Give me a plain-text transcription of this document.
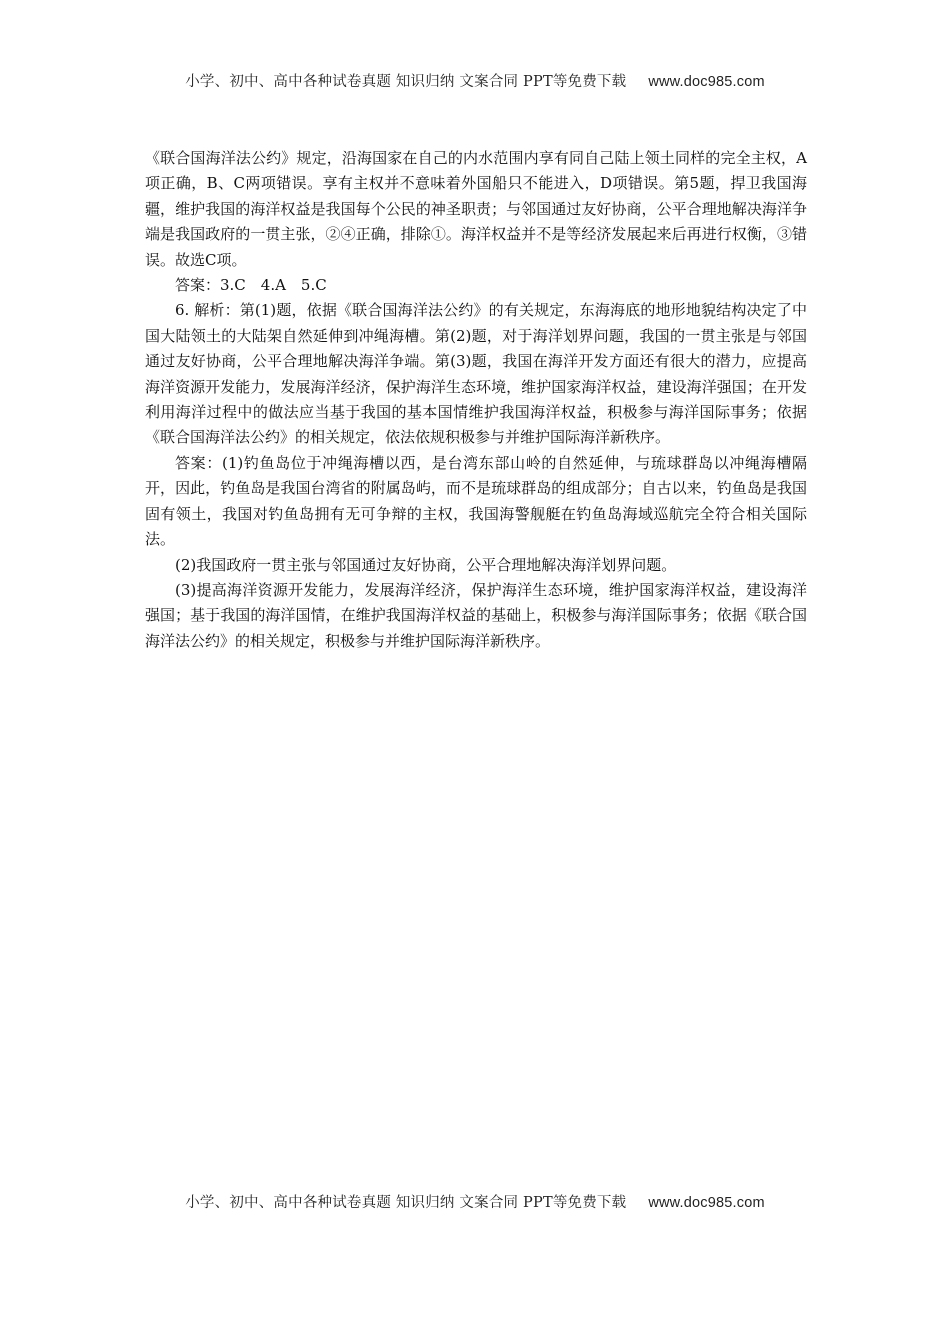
小学、初中、高中各种试卷真题 知识归纳 文案合同 PPT等免费下载 www.doc985.com

《联合国海洋法公约》规定，沿海国家在自己的内水范围内享有同自己陆上领土同样的完全主权，A项正确，B、C两项错误。享有主权并不意味着外国船只不能进入，D项错误。第5题，捍卫我国海疆，维护我国的海洋权益是我国每个公民的神圣职责；与邻国通过友好协商，公平合理地解决海洋争端是我国政府的一贯主张，②④正确，排除①。海洋权益并不是等经济发展起来后再进行权衡，③错误。故选C项。

答案：3.C　4.A　5.C

6. 解析：第(1)题，依据《联合国海洋法公约》的有关规定，东海海底的地形地貌结构决定了中国大陆领土的大陆架自然延伸到冲绳海槽。第(2)题，对于海洋划界问题，我国的一贯主张是与邻国通过友好协商，公平合理地解决海洋争端。第(3)题，我国在海洋开发方面还有很大的潜力，应提高海洋资源开发能力，发展海洋经济，保护海洋生态环境，维护国家海洋权益，建设海洋强国；在开发利用海洋过程中的做法应当基于我国的基本国情维护我国海洋权益，积极参与海洋国际事务；依据《联合国海洋法公约》的相关规定，依法依规积极参与并维护国际海洋新秩序。

答案：(1)钓鱼岛位于冲绳海槽以西，是台湾东部山岭的自然延伸，与琉球群岛以冲绳海槽隔开，因此，钓鱼岛是我国台湾省的附属岛屿，而不是琉球群岛的组成部分；自古以来，钓鱼岛是我国固有领土，我国对钓鱼岛拥有无可争辩的主权，我国海警舰艇在钓鱼岛海域巡航完全符合相关国际法。

(2)我国政府一贯主张与邻国通过友好协商，公平合理地解决海洋划界问题。

(3)提高海洋资源开发能力，发展海洋经济，保护海洋生态环境，维护国家海洋权益，建设海洋强国；基于我国的海洋国情，在维护我国海洋权益的基础上，积极参与海洋国际事务；依据《联合国海洋法公约》的相关规定，积极参与并维护国际海洋新秩序。

小学、初中、高中各种试卷真题 知识归纳 文案合同 PPT等免费下载 www.doc985.com
